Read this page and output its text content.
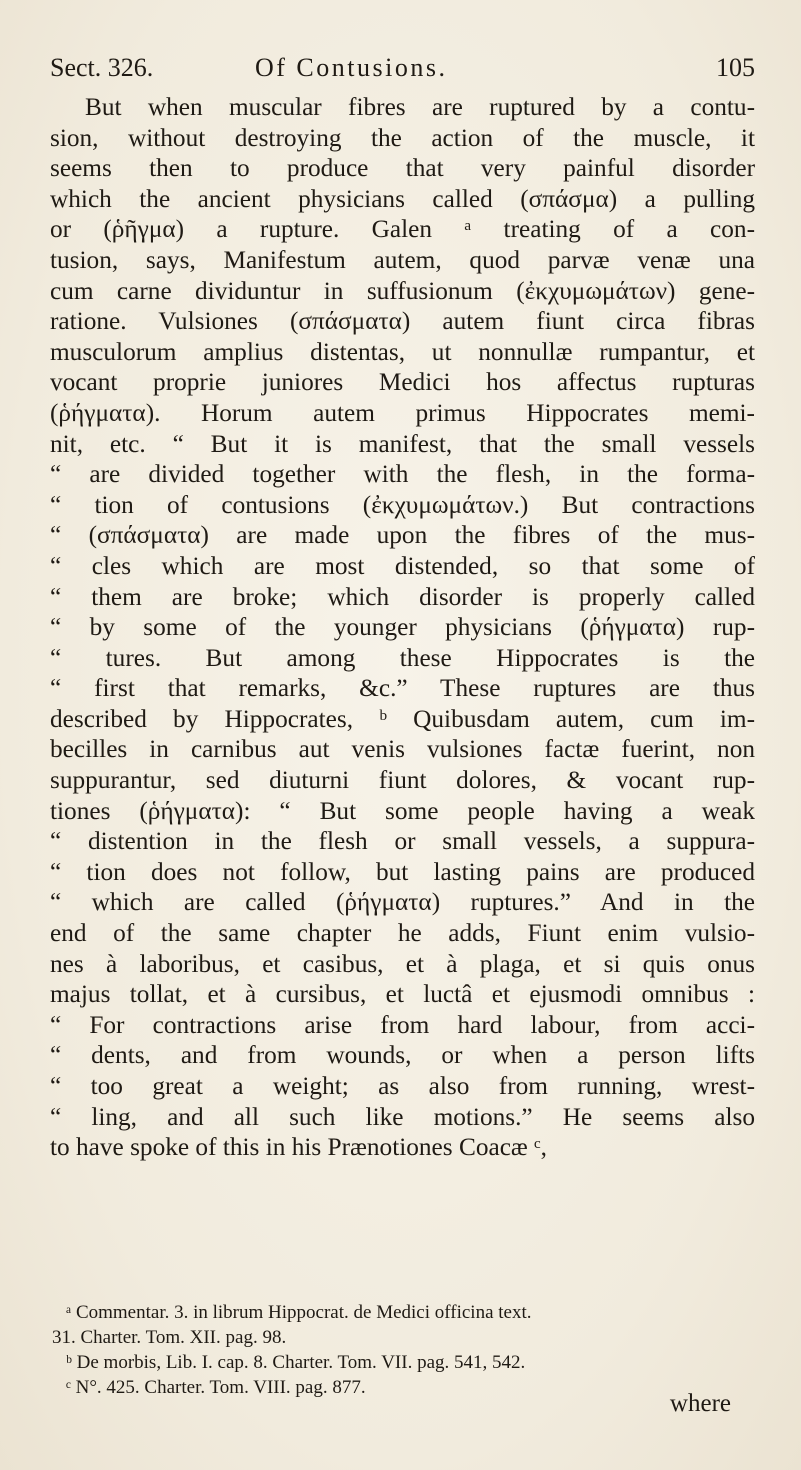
Sect. 326.	Of Contusions.	105
But when muscular fibres are ruptured by a contu-
sion, without destroying the action of the muscle, it
seems then to produce that very painful disorder
which the ancient physicians called (σπάσμα) a pulling
or (ῥῆγμα) a rupture. Galen ᵃ treating of a con-
tusion, says, Manifestum autem, quod parvæ venæ una
cum carne dividuntur in suffusionum (ἐκχυμωμάτων) gene-
ratione. Vulsiones (σπάσματα) autem fiunt circa fibras
musculorum amplius distentas, ut nonnullæ rumpantur, et
vocant proprie juniores Medici hos affectus rupturas
(ῥήγματα). Horum autem primus Hippocrates memi-
nit, etc. “ But it is manifest, that the small vessels
“ are divided together with the flesh, in the forma-
“ tion of contusions (ἐκχυμωμάτων.) But contractions
“ (σπάσματα) are made upon the fibres of the mus-
“ cles which are most distended, so that some of
“ them are broke; which disorder is properly called
“ by some of the younger physicians (ῥήγματα) rup-
“ tures. But among these Hippocrates is the
“ first that remarks, &c.” These ruptures are thus
described by Hippocrates, ᵇ Quibusdam autem, cum im-
becilles in carnibus aut venis vulsiones factæ fuerint, non
suppurantur, sed diuturni fiunt dolores, & vocant rup-
tiones (ῥήγματα): “ But some people having a weak
“ distention in the flesh or small vessels, a suppura-
“ tion does not follow, but lasting pains are produced
“ which are called (ῥήγματα) ruptures.” And in the
end of the same chapter he adds, Fiunt enim vulsio-
nes à laboribus, et casibus, et à plaga, et si quis onus
majus tollat, et à cursibus, et luctâ et ejusmodi omnibus :
“ For contractions arise from hard labour, from acci-
“ dents, and from wounds, or when a person lifts
“ too great a weight; as also from running, wrest-
“ ling, and all such like motions.” He seems also
to have spoke of this in his Prænotiones Coacæ ᶜ,
ᵃ Commentar. 3. in librum Hippocrat. de Medici officina text.
31. Charter. Tom. XII. pag. 98.
ᵇ De morbis, Lib. I. cap. 8. Charter. Tom. VII. pag. 541, 542.
ᶜ N°. 425. Charter. Tom. VIII. pag. 877.
where
